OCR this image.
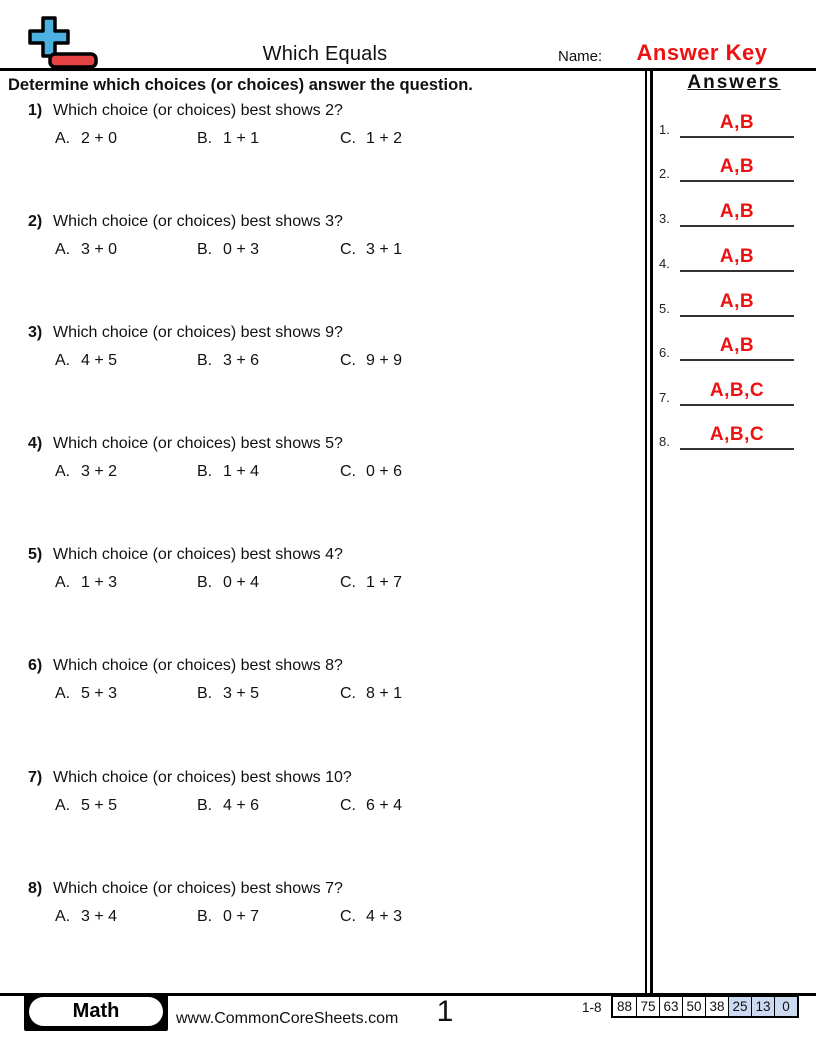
Which Equals	Name:	Answer Key
Determine which choices (or choices) answer the question.
1) Which choice (or choices) best shows 2?
A. 2 + 0	B. 1 + 1	C. 1 + 2
2) Which choice (or choices) best shows 3?
A. 3 + 0	B. 0 + 3	C. 3 + 1
3) Which choice (or choices) best shows 9?
A. 4 + 5	B. 3 + 6	C. 9 + 9
4) Which choice (or choices) best shows 5?
A. 3 + 2	B. 1 + 4	C. 0 + 6
5) Which choice (or choices) best shows 4?
A. 1 + 3	B. 0 + 4	C. 1 + 7
6) Which choice (or choices) best shows 8?
A. 5 + 3	B. 3 + 5	C. 8 + 1
7) Which choice (or choices) best shows 10?
A. 5 + 5	B. 4 + 6	C. 6 + 4
8) Which choice (or choices) best shows 7?
A. 3 + 4	B. 0 + 7	C. 4 + 3
Answers
1.	A,B
2.	A,B
3.	A,B
4.	A,B
5.	A,B
6.	A,B
7. A,B,C
8. A,B,C
Math	www.CommonCoreSheets.com	1	1-8 88 75 63 50 38 25 13 0
